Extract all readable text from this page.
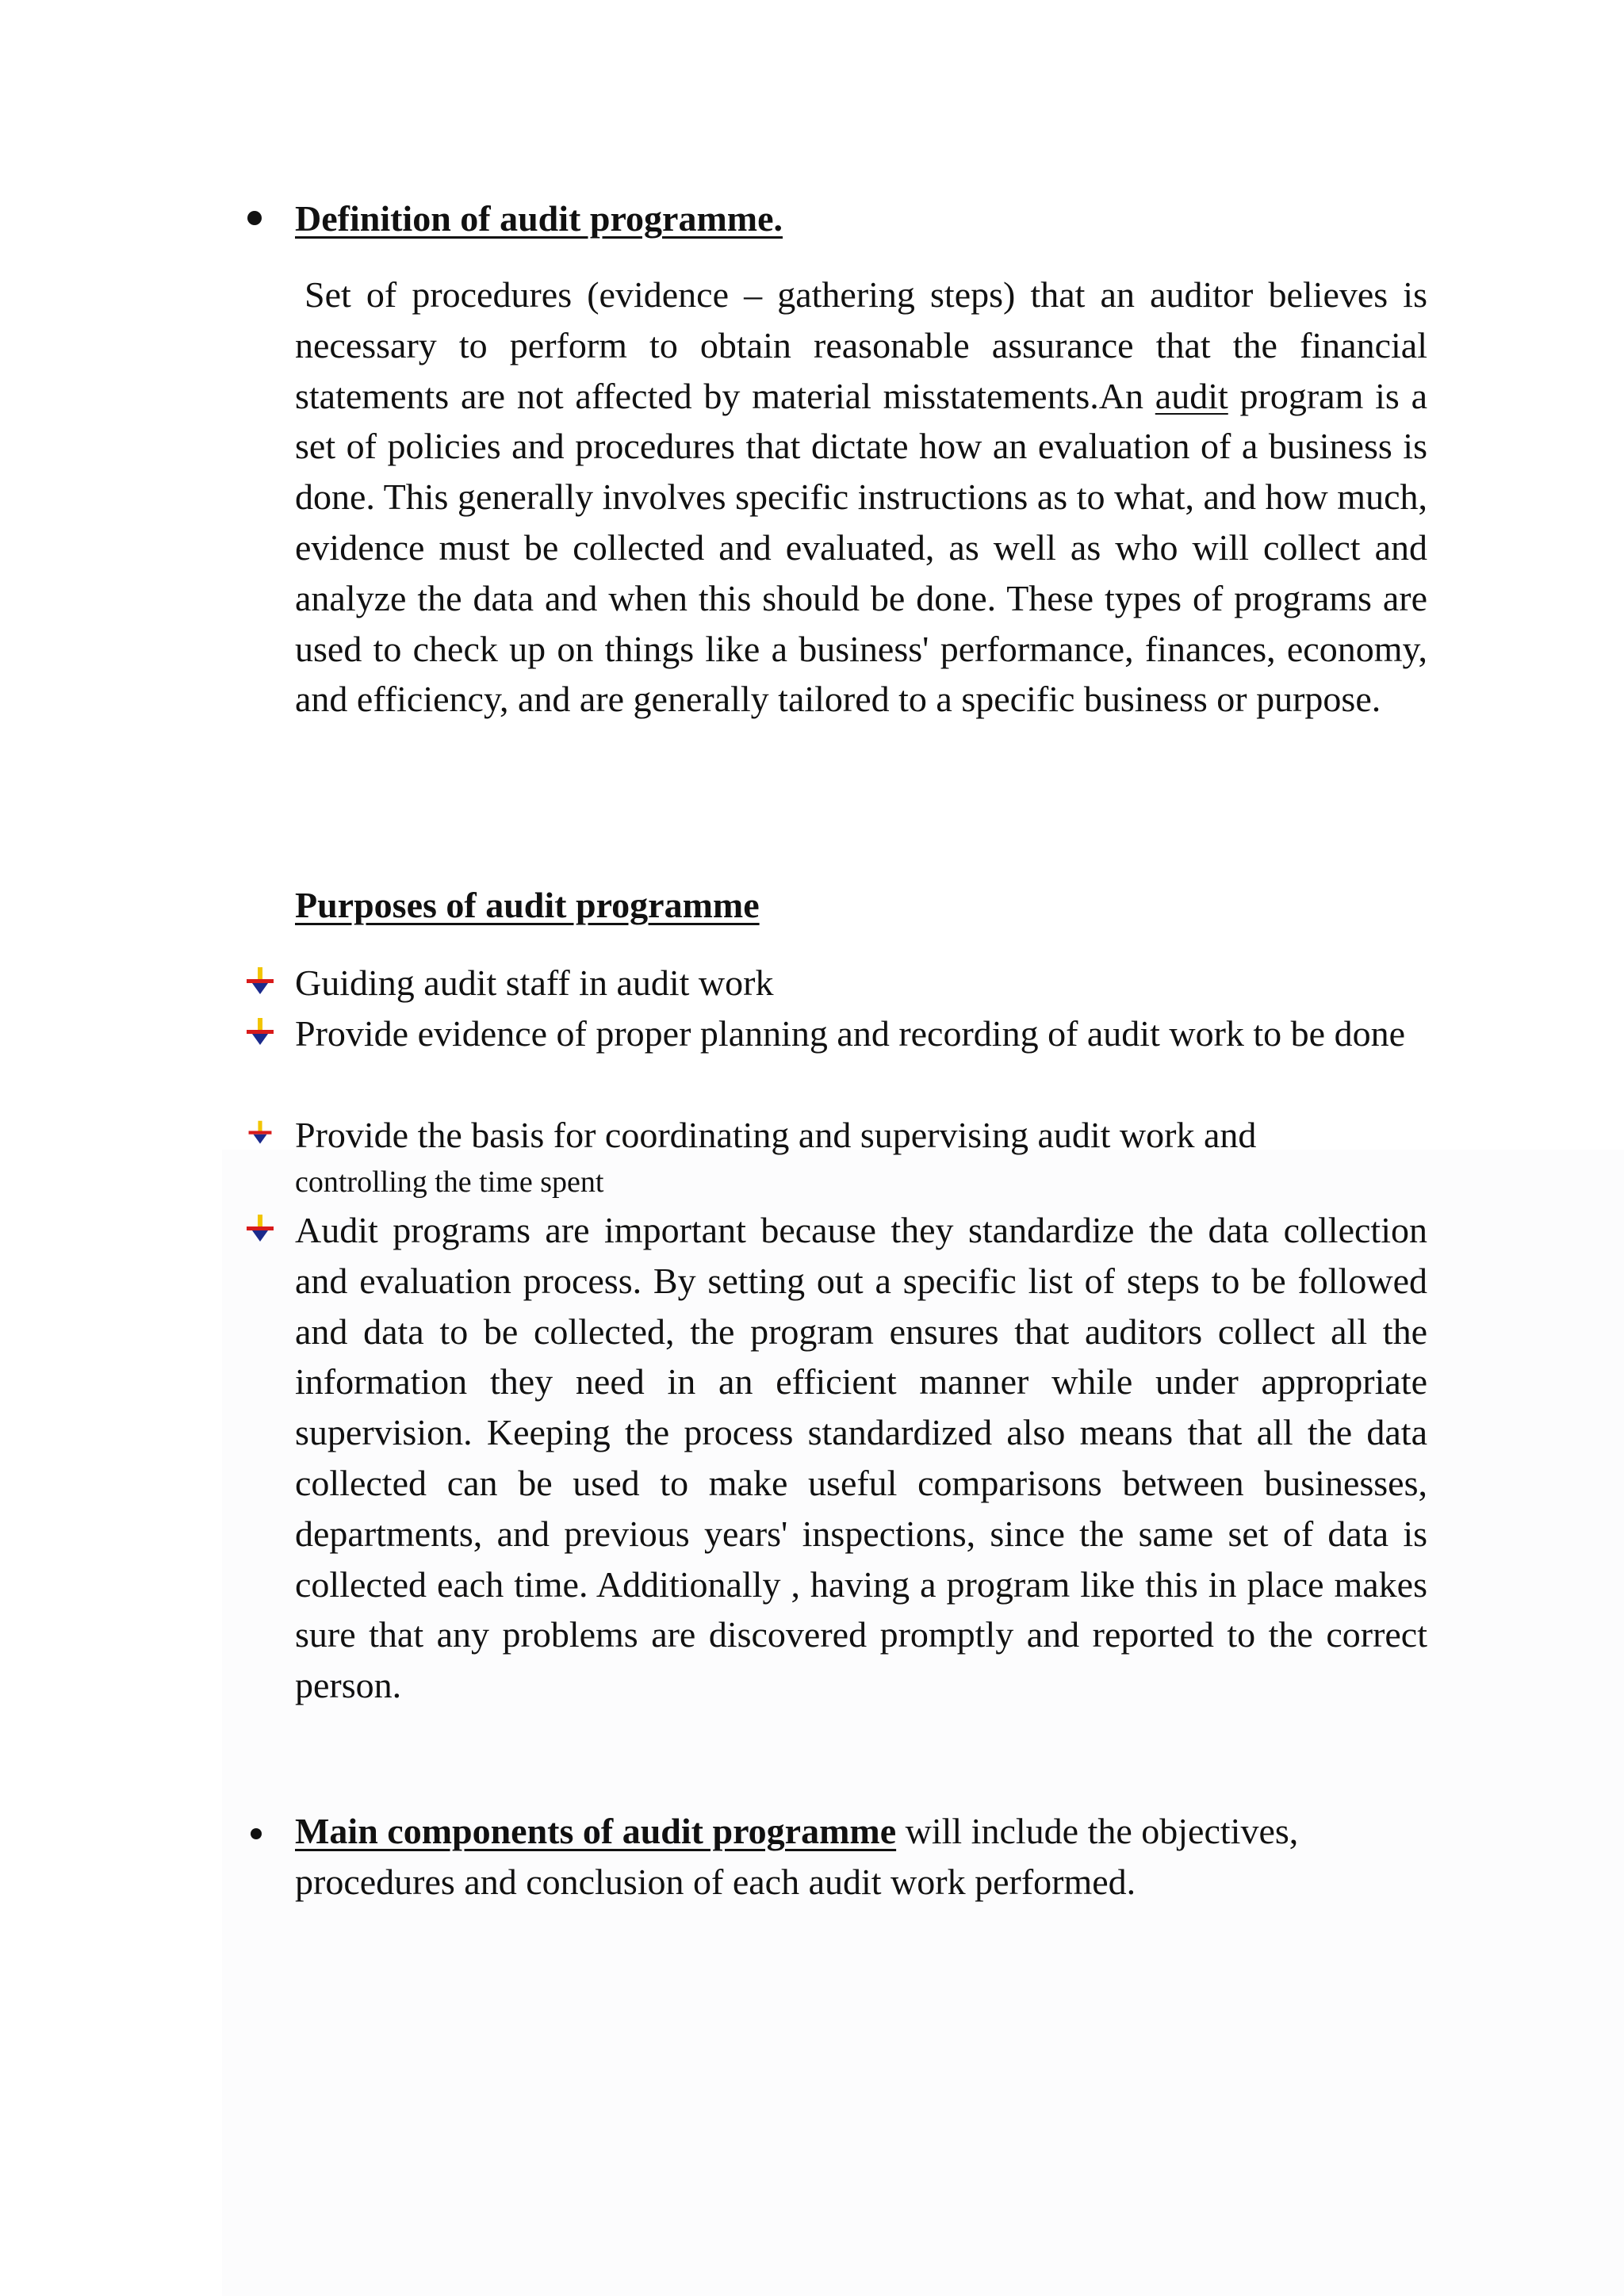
Definition of audit programme.
Set of procedures (evidence – gathering steps) that an auditor believes is necessary to perform to obtain reasonable assurance that the financial statements are not affected by material misstatements.An audit program is a set of policies and procedures that dictate how an evaluation of a business is done. This generally involves specific instructions as to what, and how much, evidence must be collected and evaluated, as well as who will collect and analyze the data and when this should be done. These types of programs are used to check up on things like a business' performance, finances, economy, and efficiency, and are generally tailored to a specific business or purpose.
Purposes of audit programme
Guiding audit staff in audit work
Provide evidence of proper planning and recording of audit work to be done
Provide the basis for coordinating and supervising audit work and
controlling the time spent
Audit programs are important because they standardize the data collection and evaluation process. By setting out a specific list of steps to be followed and data to be collected, the program ensures that auditors collect all the information they need in an efficient manner while under appropriate supervision. Keeping the process standardized also means that all the data collected can be used to make useful comparisons between businesses, departments, and previous years' inspections, since the same set of data is collected each time. Additionally , having a program like this in place makes sure that any problems are discovered promptly and reported to the correct person.
Main components of audit programme will include the objectives, procedures and conclusion of each audit work performed.
